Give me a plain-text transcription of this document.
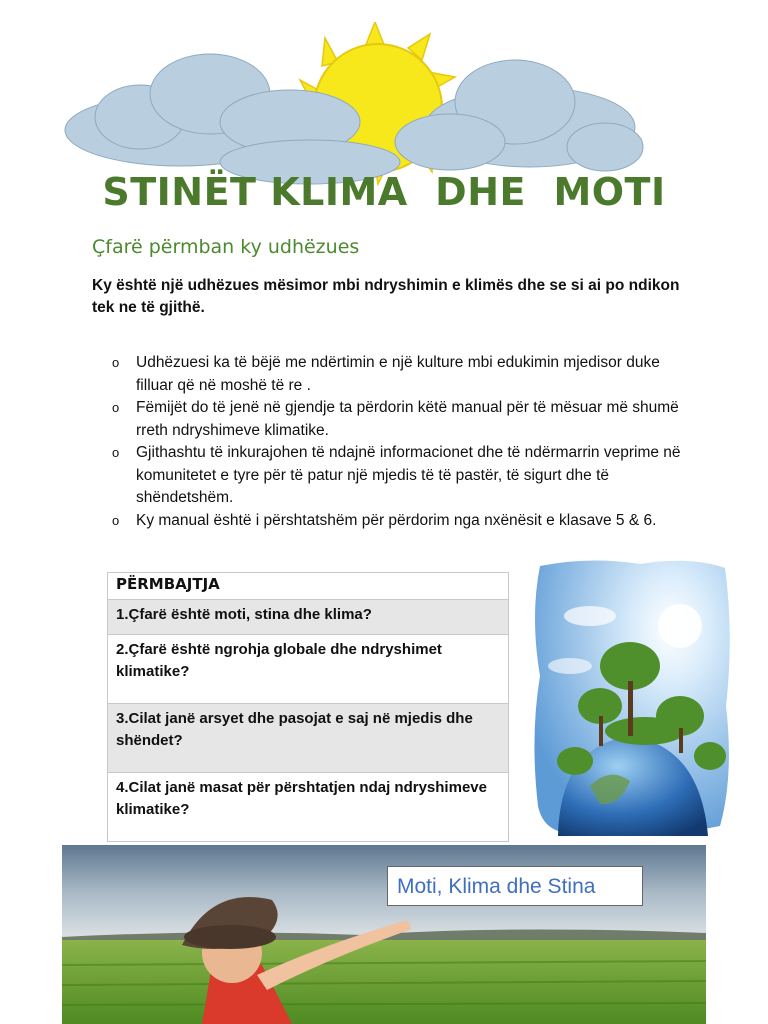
STINËT KLIMA  DHE  MOTI
Çfarë përmban ky udhëzues
Ky është një udhëzues mësimor mbi ndryshimin e klimës dhe se si ai po ndikon tek ne të gjithë.
o Udhëzuesi ka të bëjë me ndërtimin e një kulture mbi edukimin mjedisor duke filluar që në moshë të re .
o Fëmijët do të jenë në gjendje ta përdorin këtë manual për të mësuar më shumë rreth ndryshimeve klimatike.
o Gjithashtu të inkurajohen të ndajnë informacionet dhe të ndërmarrin veprime në komunitetet e tyre për të patur një mjedis të të pastër, të sigurt dhe të shëndetshëm.
o Ky manual është i përshtatshëm për përdorim nga nxënësit e klasave 5 & 6.
PËRMBAJTJA
1.Çfarë është moti, stina dhe klima?
2.Çfarë është ngrohja globale dhe ndryshimet klimatike?
3.Cilat janë arsyet dhe pasojat e saj në mjedis dhe shëndet?
4.Cilat janë masat për përshtatjen ndaj ndryshimeve klimatike?
Moti, Klima dhe Stina
